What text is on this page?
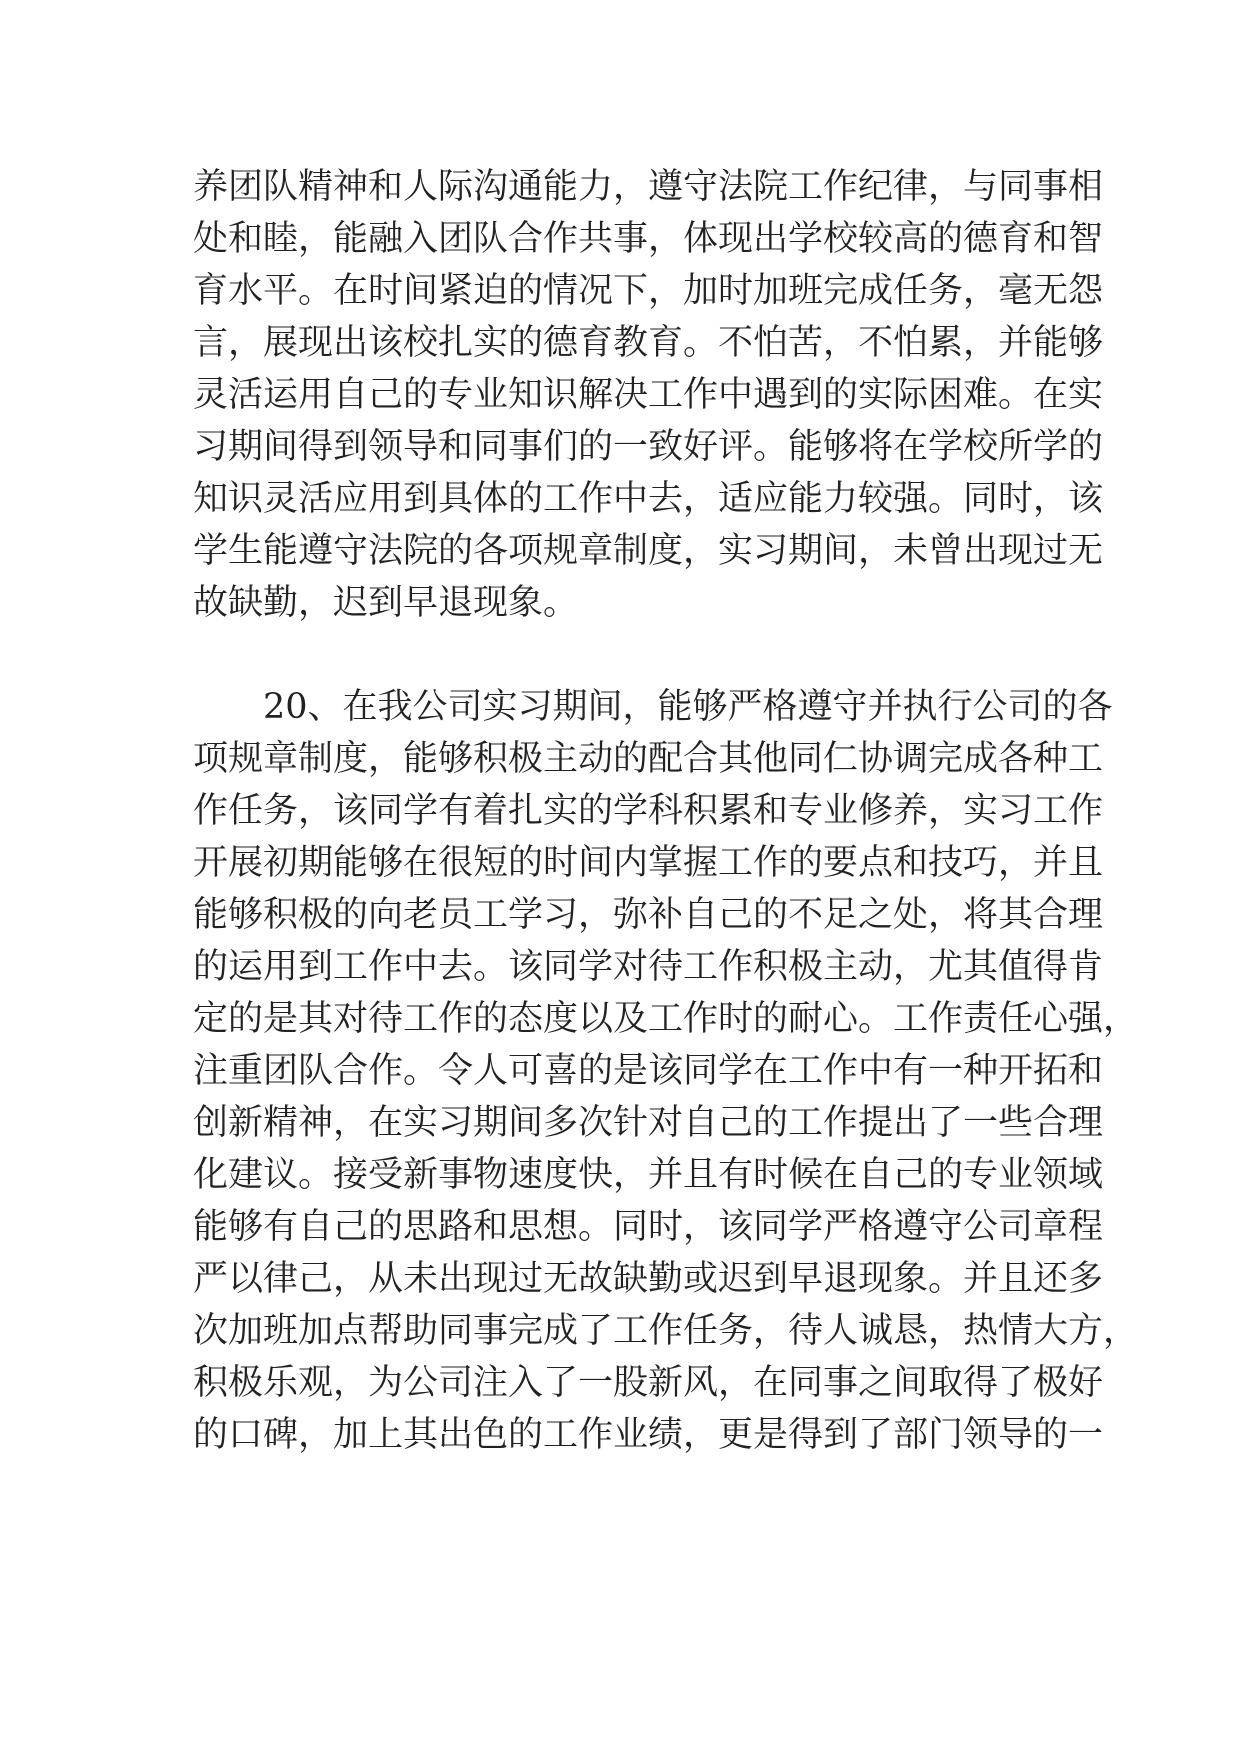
养团队精神和人际沟通能力，遵守法院工作纪律，与同事相
处和睦，能融入团队合作共事，体现出学校较高的德育和智
育水平。在时间紧迫的情况下，加时加班完成任务，毫无怨
言，展现出该校扎实的德育教育。不怕苦，不怕累，并能够
灵活运用自己的专业知识解决工作中遇到的实际困难。在实
习期间得到领导和同事们的一致好评。能够将在学校所学的
知识灵活应用到具体的工作中去，适应能力较强。同时，该
学生能遵守法院的各项规章制度，实习期间，未曾出现过无
故缺勤，迟到早退现象。
　　20、在我公司实习期间，能够严格遵守并执行公司的各
项规章制度，能够积极主动的配合其他同仁协调完成各种工
作任务，该同学有着扎实的学科积累和专业修养，实习工作
开展初期能够在很短的时间内掌握工作的要点和技巧，并且
能够积极的向老员工学习，弥补自己的不足之处，将其合理
的运用到工作中去。该同学对待工作积极主动，尤其值得肯
定的是其对待工作的态度以及工作时的耐心。工作责任心强，
注重团队合作。令人可喜的是该同学在工作中有一种开拓和
创新精神，在实习期间多次针对自己的工作提出了一些合理
化建议。接受新事物速度快，并且有时候在自己的专业领域
能够有自己的思路和思想。同时，该同学严格遵守公司章程
严以律己，从未出现过无故缺勤或迟到早退现象。并且还多
次加班加点帮助同事完成了工作任务，待人诚恳，热情大方，
积极乐观，为公司注入了一股新风，在同事之间取得了极好
的口碑，加上其出色的工作业绩，更是得到了部门领导的一
